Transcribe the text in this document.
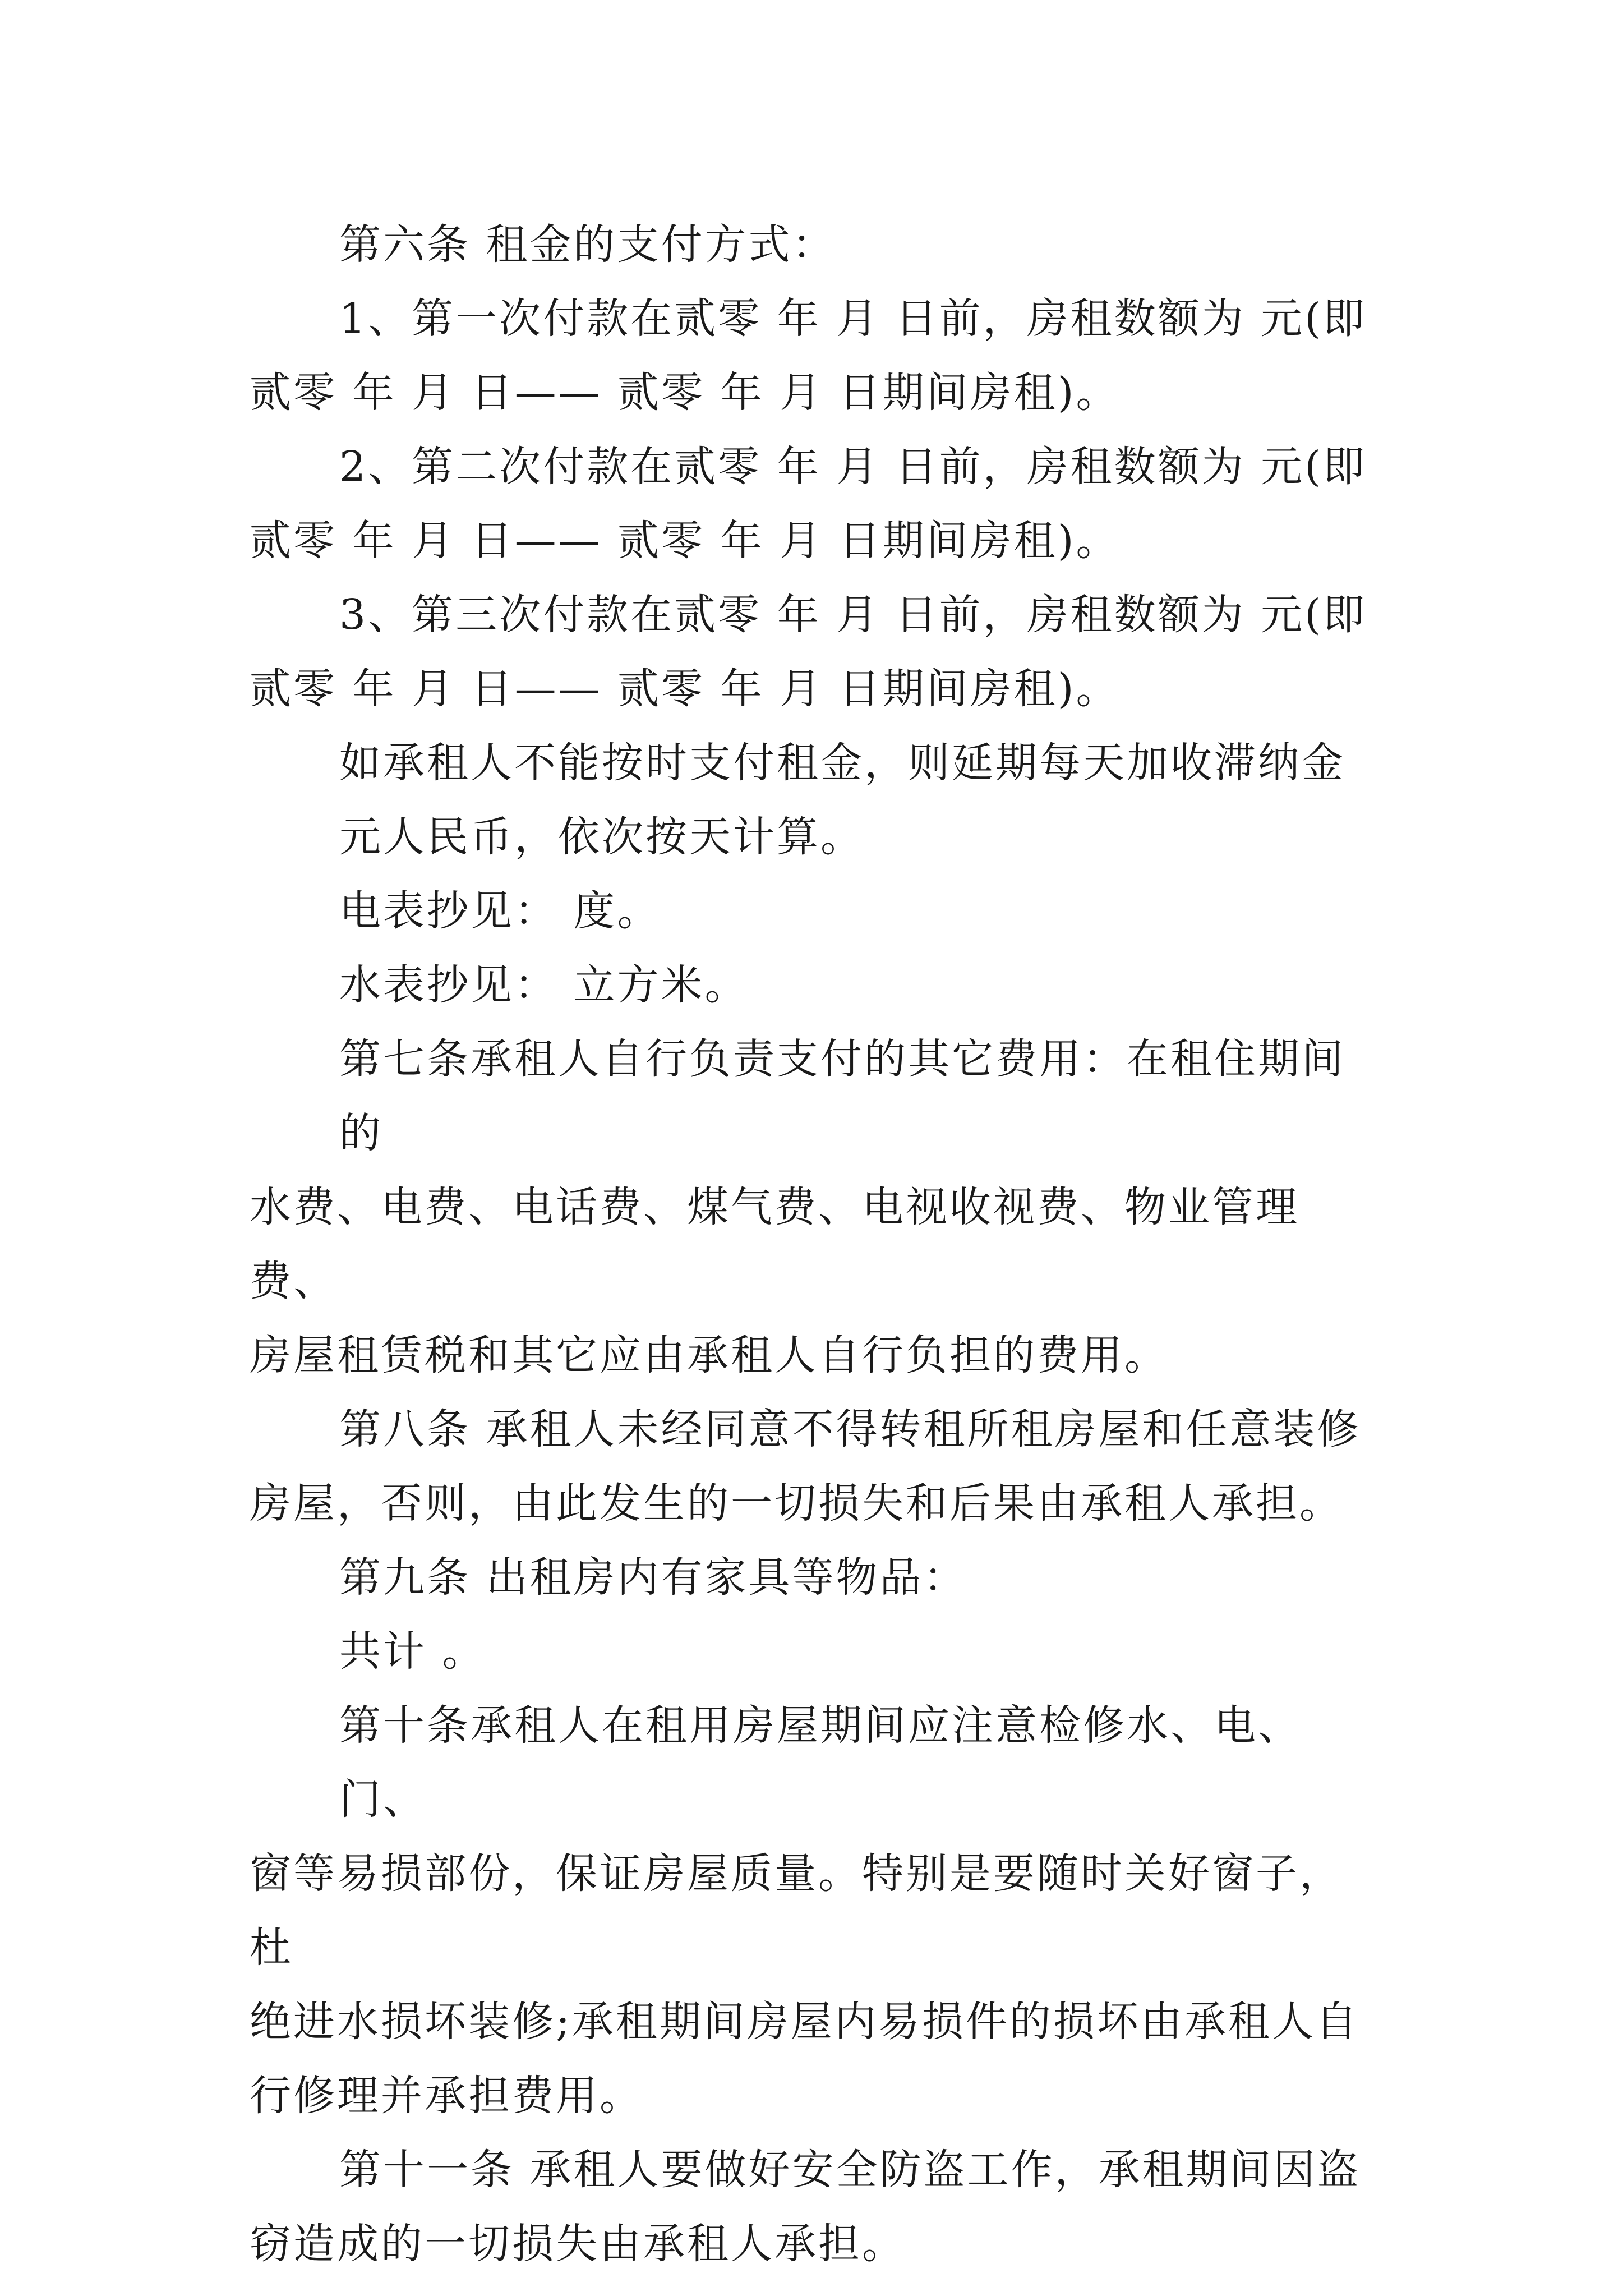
第六条 租金的支付方式：
1、第一次付款在贰零 年 月 日前，房租数额为 元(即
贰零 年 月 日—— 贰零 年 月 日期间房租)。
2、第二次付款在贰零 年 月 日前，房租数额为 元(即
贰零 年 月 日—— 贰零 年 月 日期间房租)。
3、第三次付款在贰零 年 月 日前，房租数额为 元(即
贰零 年 月 日—— 贰零 年 月 日期间房租)。
如承租人不能按时支付租金，则延期每天加收滞纳金
元人民币，依次按天计算。
电表抄见： 度。
水表抄见： 立方米。
第七条承租人自行负责支付的其它费用：在租住期间的
水费、电费、电话费、煤气费、电视收视费、物业管理费、
房屋租赁税和其它应由承租人自行负担的费用。
第八条 承租人未经同意不得转租所租房屋和任意装修
房屋，否则，由此发生的一切损失和后果由承租人承担。
第九条 出租房内有家具等物品：
共计 。
第十条承租人在租用房屋期间应注意检修水、电、门、
窗等易损部份，保证房屋质量。特别是要随时关好窗子，杜
绝进水损坏装修;承租期间房屋内易损件的损坏由承租人自
行修理并承担费用。
第十一条 承租人要做好安全防盗工作，承租期间因盗
窃造成的一切损失由承租人承担。
